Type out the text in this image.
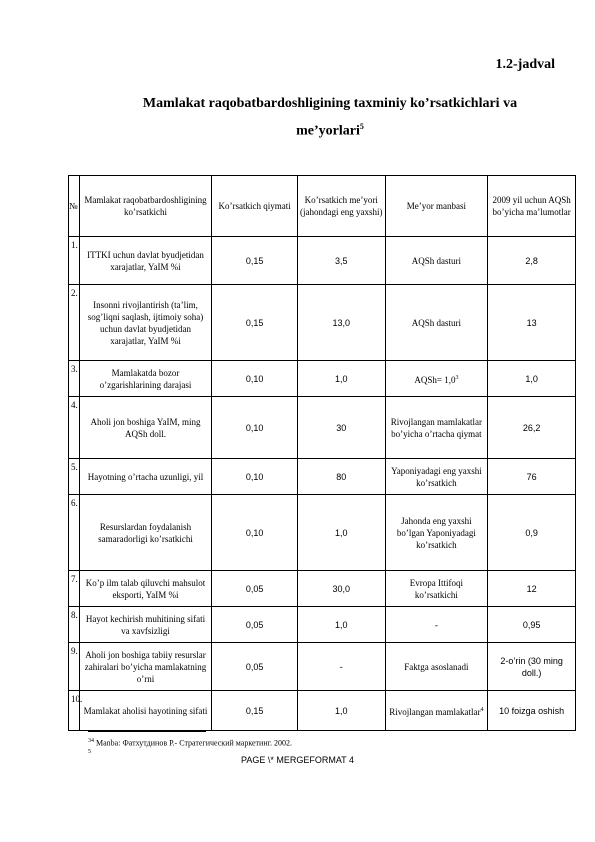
1.2-jadval
Mamlakat raqobatbardoshligining taxminiy ko’rsatkichlari va
me’yorlari$^5$
№	Mamlakat raqobatbardoshligining ko’rsatkichi	Ko’rsatkich qiymati	Ko’rsatkich me’yori (jahondagi eng yaxshi)	Me’yor manbasi	2009 yil uchun AQSh bo’yicha ma’lumotlar
1.	ITTKI uchun davlat byudjetidan xarajatlar, YaIM %i	0,15	3,5	AQSh dasturi	2,8
2.	Insonni rivojlantirish (ta’lim, sog’liqni saqlash, ijtimoiy soha) uchun davlat byudjetidan xarajatlar, YaIM %i	0,15	13,0	AQSh dasturi	13
3.	Mamlakatda bozor o’zgarishlarining darajasi	0,10	1,0	AQSh= $1,0^3$	1,0
4.	Aholi jon boshiga YaIM, ming AQSh doll.	0,10	30	Rivojlangan mamlakatlar bo’yicha o’rtacha qiymat	26,2
5.	Hayotning o’rtacha uzunligi, yil	0,10	80	Yaponiyadagi eng yaxshi ko’rsatkich	76
6.	Resurslardan foydalanish samaradorligi ko’rsatkichi	0,10	1,0	Jahonda eng yaxshi bo’lgan Yaponiyadagi ko’rsatkich	0,9
7.	Ko’p ilm talab qiluvchi mahsulot eksporti, YaIM %i	0,05	30,0	Evropa Ittifoqi ko’rsatkichi	12
8.	Hayot kechirish muhitining sifati va xavfsizligi	0,05	1,0	-	0,95
9.	Aholi jon boshiga tabiiy resurslar zahiralari bo’yicha mamlakatning o’rni	0,05	-	Faktga asoslanadi	2-o’rin (30 ming doll.)
10.	Mamlakat aholisi hayotining sifati	0,15	1,0	Rivojlangan mamlakatlar$^4$	10 foizga oshish
$^{34}$ Manba: Фатхутдинов Р.- Стратегический маркетинг. 2002.
5
PAGE \* MERGEFORMAT 4
